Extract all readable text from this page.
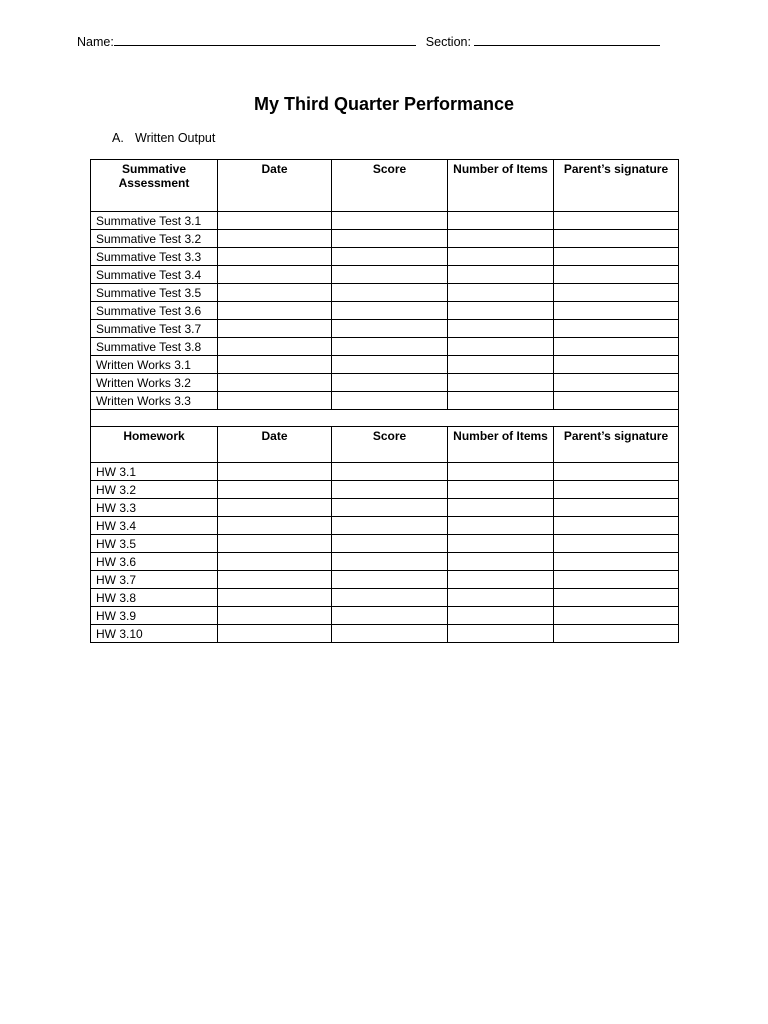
Name:	Section:
My Third Quarter Performance
A. Written Output
Summative Assessment	Date	Score	Number of Items	Parent’s signature
Summative Test 3.1				
Summative Test 3.2				
Summative Test 3.3				
Summative Test 3.4				
Summative Test 3.5				
Summative Test 3.6				
Summative Test 3.7				
Summative Test 3.8				
Written Works 3.1				
Written Works 3.2				
Written Works 3.3				

Homework	Date	Score	Number of Items	Parent’s signature
HW 3.1				
HW 3.2				
HW 3.3				
HW 3.4				
HW 3.5				
HW 3.6				
HW 3.7				
HW 3.8				
HW 3.9				
HW 3.10				
